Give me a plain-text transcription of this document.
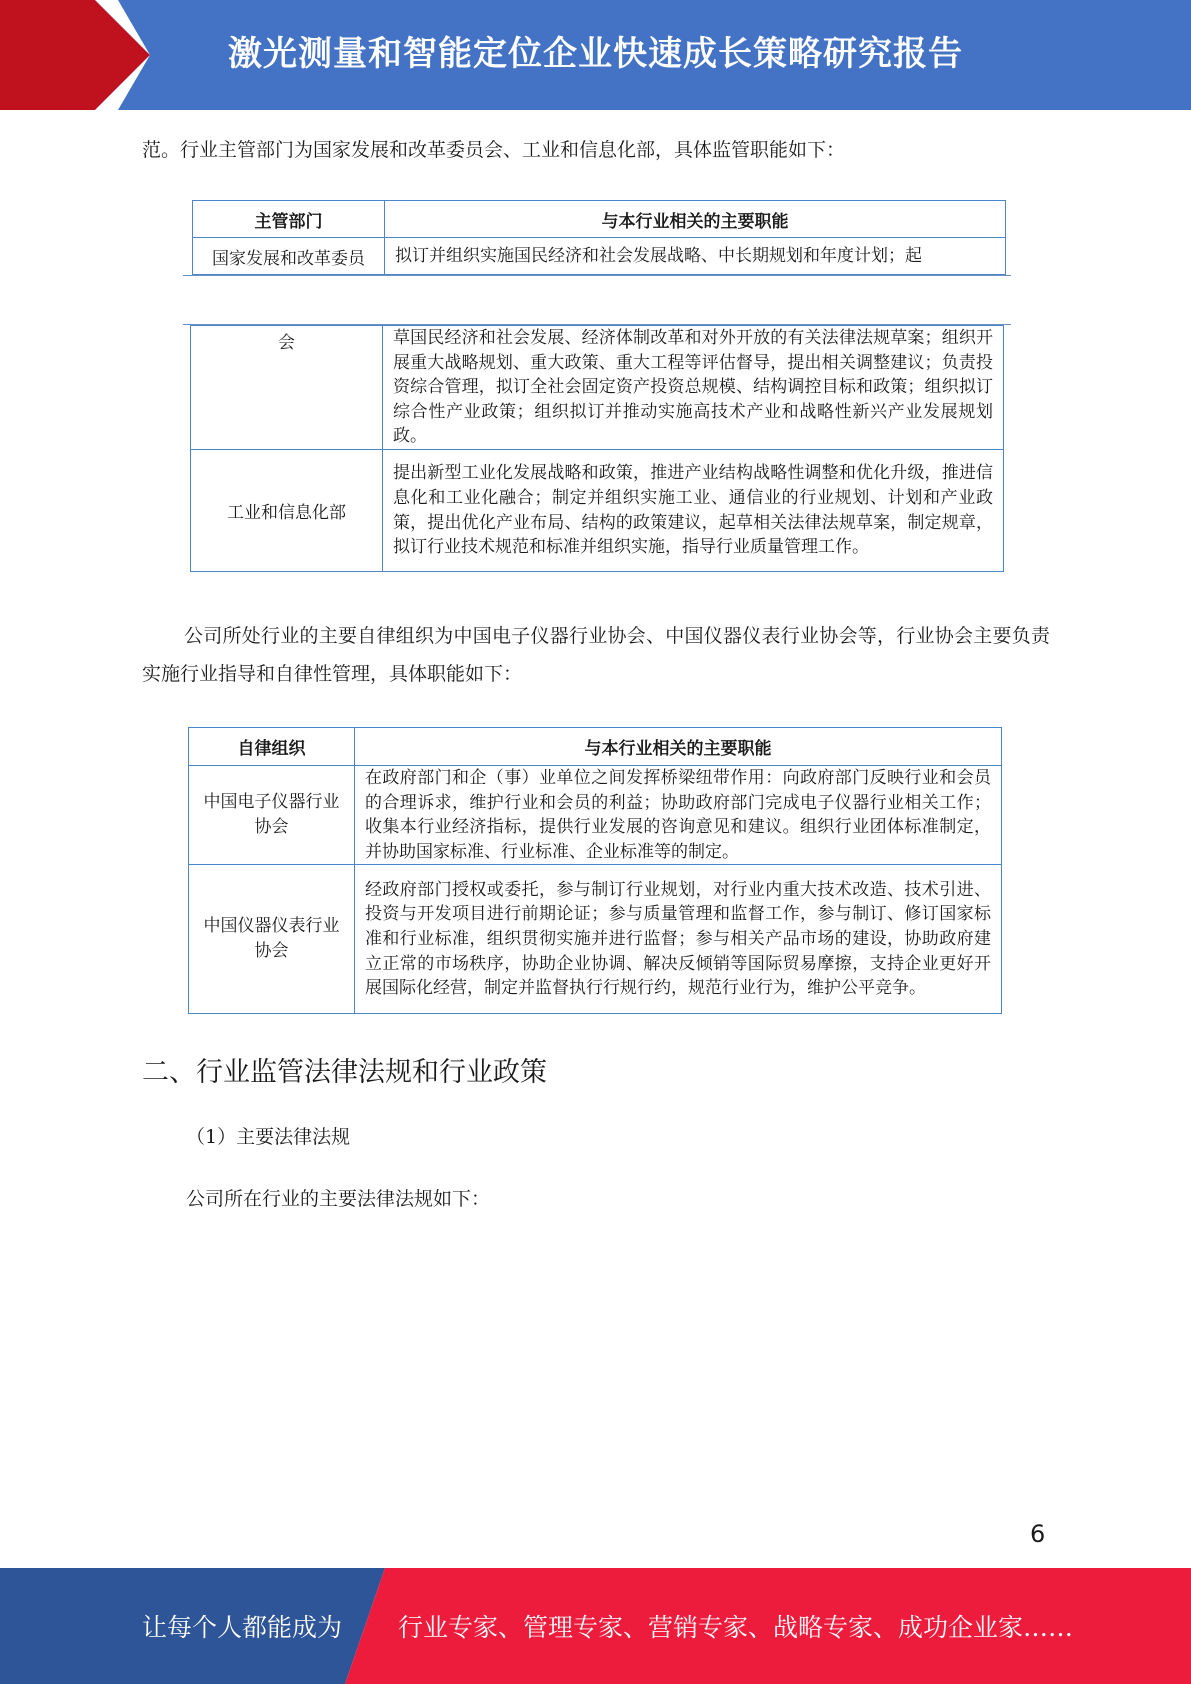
激光测量和智能定位企业快速成长策略研究报告

范。行业主管部门为国家发展和改革委员会、工业和信息化部，具体监管职能如下：

主管部门	与本行业相关的主要职能
国家发展和改革委员	拟订并组织实施国民经济和社会发展战略、中长期规划和年度计划；起
会	草国民经济和社会发展、经济体制改革和对外开放的有关法律法规草案；组织开展重大战略规划、重大政策、重大工程等评估督导，提出相关调整建议；负责投资综合管理，拟订全社会固定资产投资总规模、结构调控目标和政策；组织拟订综合性产业政策；组织拟订并推动实施高技术产业和战略性新兴产业发展规划政。
工业和信息化部	提出新型工业化发展战略和政策，推进产业结构战略性调整和优化升级，推进信息化和工业化融合；制定并组织实施工业、通信业的行业规划、计划和产业政策，提出优化产业布局、结构的政策建议，起草相关法律法规草案，制定规章，拟订行业技术规范和标准并组织实施，指导行业质量管理工作。

公司所处行业的主要自律组织为中国电子仪器行业协会、中国仪器仪表行业协会等，行业协会主要负责实施行业指导和自律性管理，具体职能如下：

自律组织	与本行业相关的主要职能
中国电子仪器行业协会	在政府部门和企（事）业单位之间发挥桥梁纽带作用：向政府部门反映行业和会员的合理诉求，维护行业和会员的利益；协助政府部门完成电子仪器行业相关工作；收集本行业经济指标，提供行业发展的咨询意见和建议。组织行业团体标准制定，并协助国家标准、行业标准、企业标准等的制定。
中国仪器仪表行业协会	经政府部门授权或委托，参与制订行业规划，对行业内重大技术改造、技术引进、投资与开发项目进行前期论证；参与质量管理和监督工作，参与制订、修订国家标准和行业标准，组织贯彻实施并进行监督；参与相关产品市场的建设，协助政府建立正常的市场秩序，协助企业协调、解决反倾销等国际贸易摩擦，支持企业更好开展国际化经营，制定并监督执行行规行约，规范行业行为，维护公平竞争。
二、行业监管法律法规和行业政策

（1）主要法律法规

公司所在行业的主要法律法规如下：

6
让每个人都能成为 行业专家、管理专家、营销专家、战略专家、成功企业家……
